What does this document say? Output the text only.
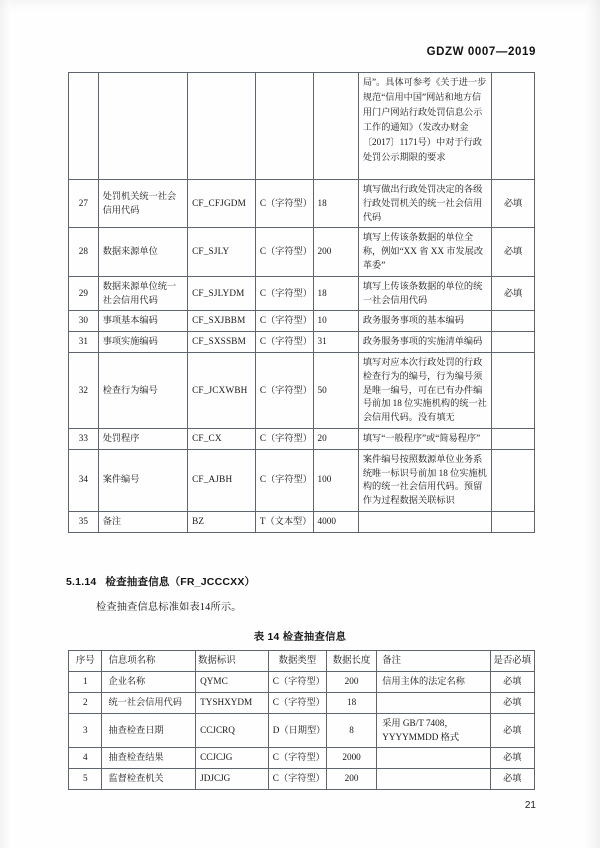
GDZW 0007—2019
					局”。具体可参考《关于进一步规范“信用中国”网站和地方信用门户网站行政处罚信息公示工作的通知》（发改办财金〔2017〕1171号）中对于行政处罚公示期限的要求	
27	处罚机关统一社会信用代码	CF_CFJGDM	C（字符型）	18	填写做出行政处罚决定的各级行政处罚机关的统一社会信用代码	必填
28	数据来源单位	CF_SJLY	C（字符型）	200	填写上传该条数据的单位全称，例如“XX 省 XX 市发展改革委”	必填
29	数据来源单位统一社会信用代码	CF_SJLYDM	C（字符型）	18	填写上传该条数据的单位的统一社会信用代码	必填
30	事项基本编码	CF_SXJBBM	C（字符型）	10	政务服务事项的基本编码	
31	事项实施编码	CF_SXSSBM	C（字符型）	31	政务服务事项的实施清单编码	
32	检查行为编号	CF_JCXWBH	C（字符型）	50	填写对应本次行政处罚的行政检查行为的编号，行为编号须是唯一编号，可在已有办件编号前加 18 位实施机构的统一社会信用代码。没有填无	
33	处罚程序	CF_CX	C（字符型）	20	填写“一般程序”或“简易程序”	
34	案件编号	CF_AJBH	C（字符型）	100	案件编号按照数源单位业务系统唯一标识号前加 18 位实施机构的统一社会信用代码。预留作为过程数据关联标识	
35	备注	BZ	T（文本型）	4000		
5.1.14 检查抽查信息（FR_JCCCXX）
检查抽查信息标准如表14所示。
表 14 检查抽查信息
序号	信息项名称	数据标识	数据类型	数据长度	备注	是否必填
1	企业名称	QYMC	C（字符型）	200	信用主体的法定名称	必填
2	统一社会信用代码	TYSHXYDM	C（字符型）	18		必填
3	抽查检查日期	CCJCRQ	D（日期型）	8	采用 GB/T 7408，YYYYMMDD 格式	必填
4	抽查检查结果	CCJCJG	C（字符型）	2000		必填
5	监督检查机关	JDJCJG	C（字符型）	200		必填
21
